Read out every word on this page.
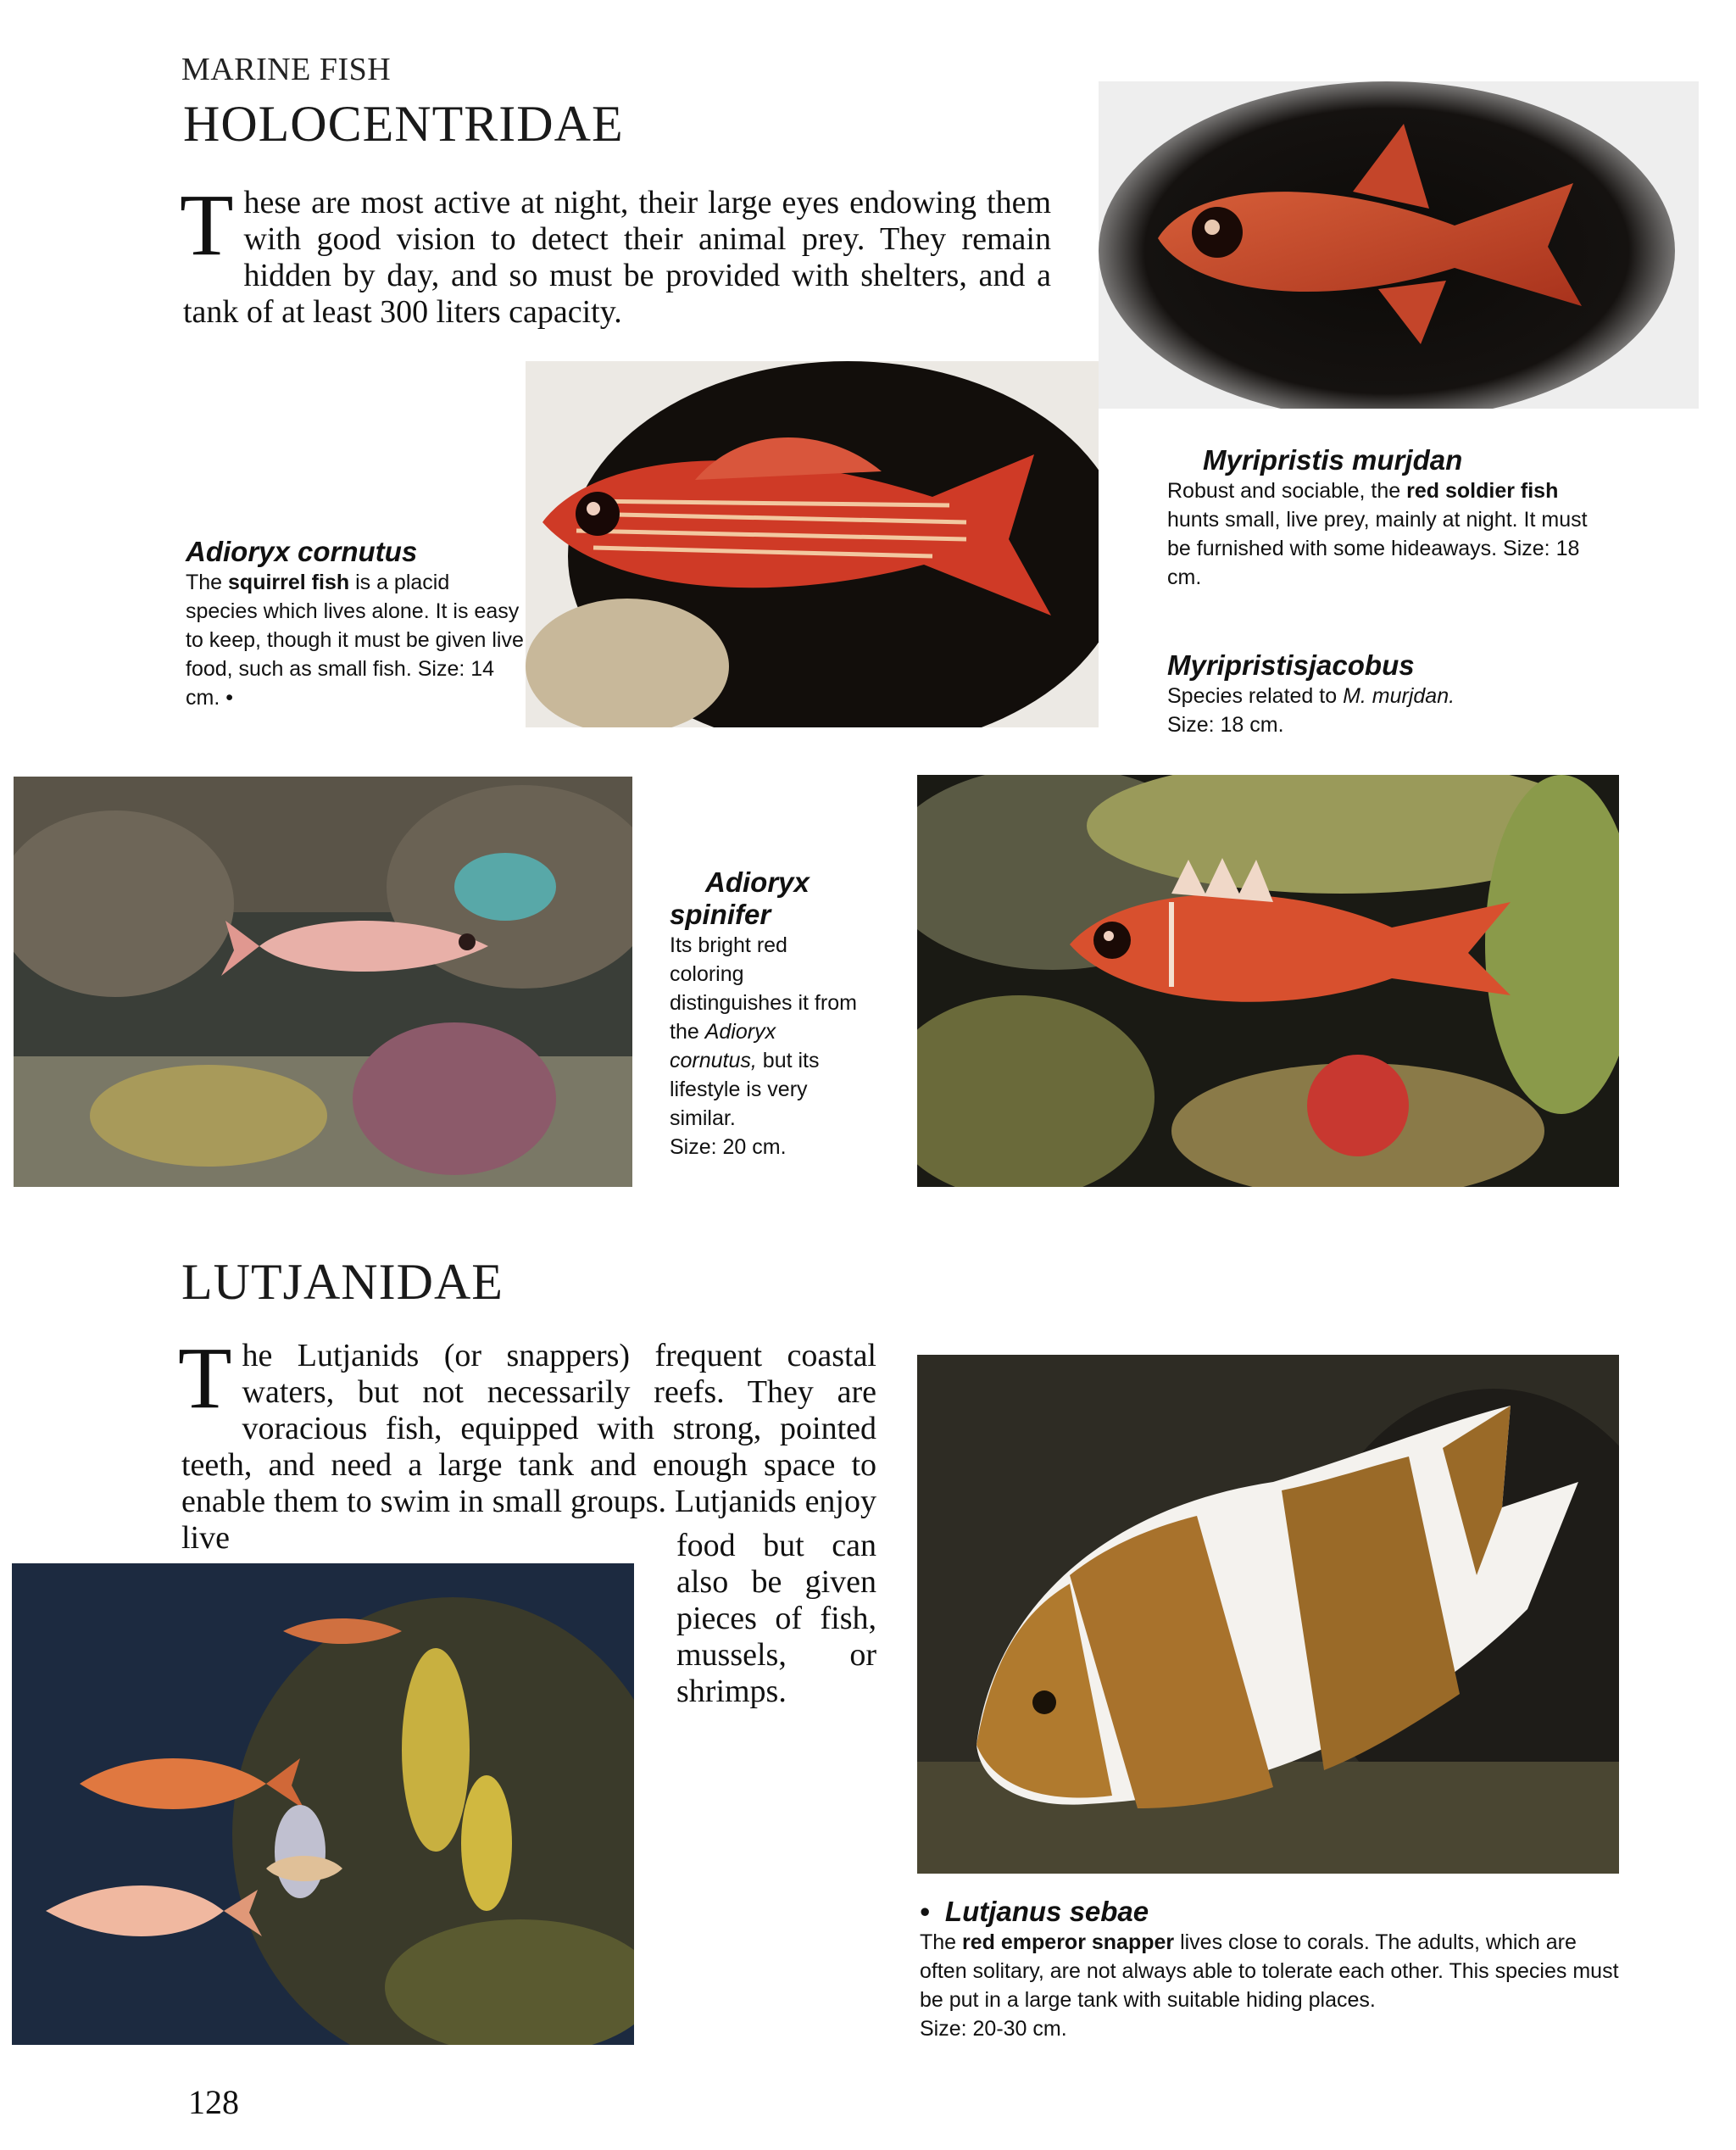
MARINE FISH
HOLOCENTRIDAE
These are most active at night, their large eyes endowing them with good vision to detect their animal prey. They remain hidden by day, and so must be provided with shelters, and a tank of at least 300 liters capacity.
Adioryx cornutus
The squirrel fish is a placid species which lives alone. It is easy to keep, though it must be given live food, such as small fish. Size: 14 cm. •
Myripristis murjdan
Robust and sociable, the red soldier fish hunts small, live prey, mainly at night. It must be furnished with some hideaways. Size: 18 cm.
Myripristisjacobus
Species related to M. murjdan.
Size: 18 cm.
Adioryx
spinifer
Its bright red coloring distinguishes it from the Adioryx cornutus, but its lifestyle is very similar.
Size: 20 cm.
LUTJANIDAE
The Lutjanids (or snappers) frequent coastal waters, but not necessarily reefs. They are voracious fish, equipped with strong, pointed teeth, and need a large tank and enough space to enable them to swim in small groups. Lutjanids enjoy live	food but can also be given pieces of fish, mussels, or shrimps.
• Lutjanus sebae
The red emperor snapper lives close to corals. The adults, which are often solitary, are not always able to tolerate each other. This species must be put in a large tank with suitable hiding places.
Size: 20-30 cm.
128
